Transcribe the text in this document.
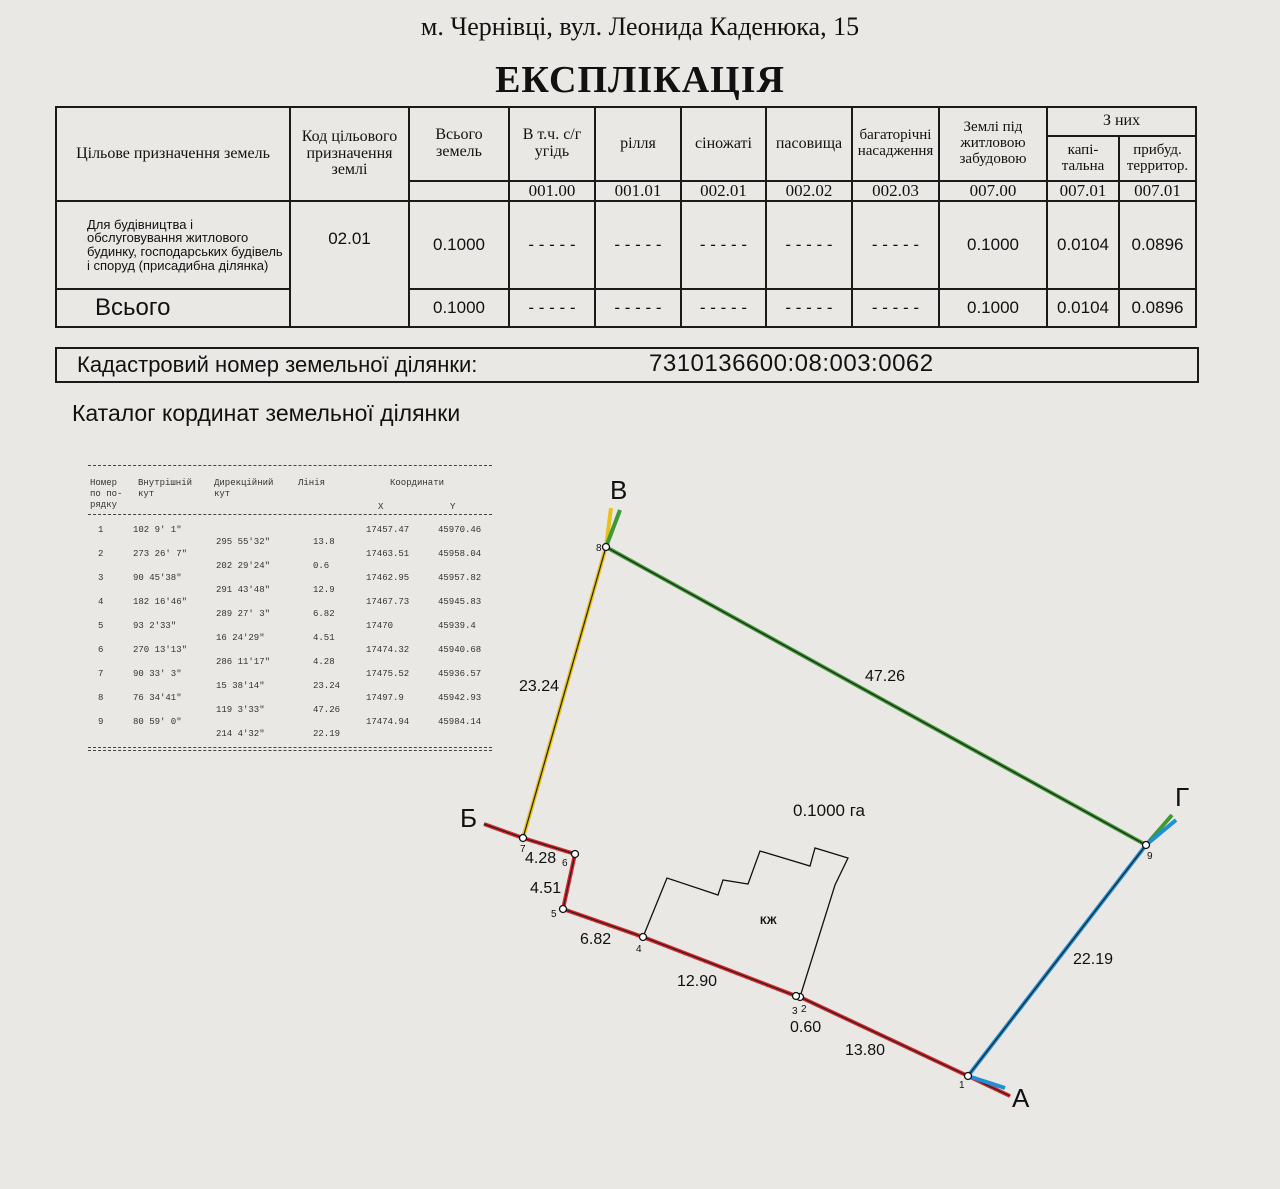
м. Чернівці, вул. Леонида Каденюка, 15
ЕКСПЛІКАЦІЯ
Цільове призначення земель	Код цільового призначення землі	Всього земель	В т.ч. с/г угідь	рілля	сіножаті	пасовища	багаторічні насадження	Землі під житловою забудовою	З них	
									капі-тальна	прибуд. территор.
			001.00	001.01	002.01	002.02	002.03	007.00	007.01	007.01
Для будівництва і обслуговування житлового будинку, господарських будівель і споруд (присадибна ділянка)	02.01	0.1000	- - - - -	- - - - -	- - - - -	- - - - -	- - - - -	0.1000	0.0104	0.0896
Всього		0.1000	- - - - -	- - - - -	- - - - -	- - - - -	- - - - -	0.1000	0.0104	0.0896
Кадастровий номер земельної ділянки:	7310136600:08:003:0062
Каталог кординат земельної ділянки
Номер по по- рядку
Внутрішній кут
Дирекційний кут
Лінія	Координати
X	Y
1	102 9' 1"	17457.47	45970.46
295 55'32"	13.8
2	273 26' 7"	17463.51	45958.04
202 29'24"	0.6
3	90 45'38"	17462.95	45957.82
291 43'48"	12.9
4	182 16'46"	17467.73	45945.83
289 27' 3"	6.82
5	93 2'33"	17470	45939.4
16 24'29"	4.51
6	270 13'13"	17474.32	45940.68
286 11'17"	4.28
7	90 33' 3"	17475.52	45936.57
15 38'14"	23.24
8	76 34'41"	17497.9	45942.93
119 3'33"	47.26
9	80 59' 0"	17474.94	45984.14
214 4'32"	22.19
КЖ
1
2
3
4
5
6
7
8
9
А
Б
В
Г
23.24
47.26
22.19
13.80
0.60
12.90
6.82
4.51
4.28
0.1000 га
